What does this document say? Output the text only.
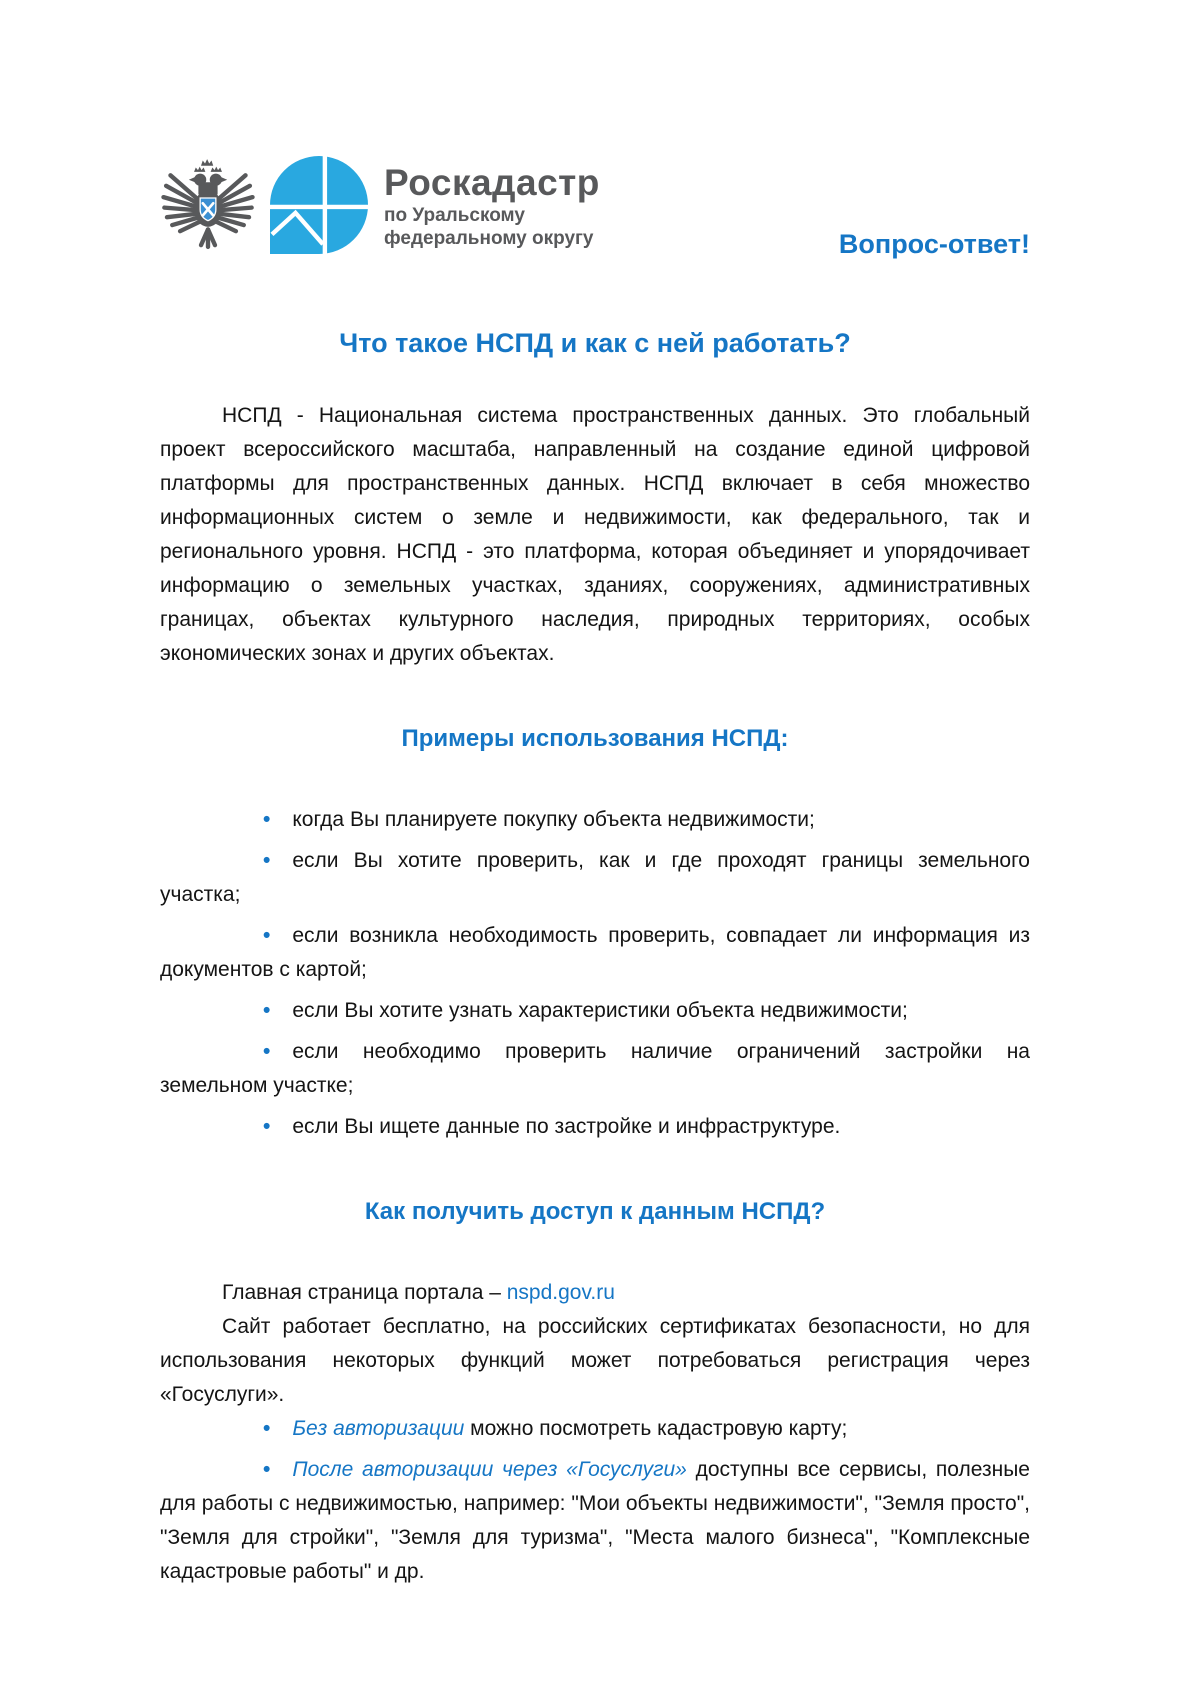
Роскадастр
по Уральскому
федеральному округу	Вопрос-ответ!
Что такое НСПД и как с ней работать?

НСПД - Национальная система пространственных данных. Это глобальный проект всероссийского масштаба, направленный на создание единой цифровой платформы для пространственных данных. НСПД включает в себя множество информационных систем о земле и недвижимости, как федерального, так и регионального уровня. НСПД - это платформа, которая объединяет и упорядочивает информацию о земельных участках, зданиях, сооружениях, административных границах, объектах культурного наследия, природных территориях, особых экономических зонах и других объектах.

Примеры использования НСПД:
• когда Вы планируете покупку объекта недвижимости;
• если Вы хотите проверить, как и где проходят границы земельного участка;
• если возникла необходимость проверить, совпадает ли информация из документов с картой;
• если Вы хотите узнать характеристики объекта недвижимости;
• если необходимо проверить наличие ограничений застройки на земельном участке;
• если Вы ищете данные по застройке и инфраструктуре.
Как получить доступ к данным НСПД?

Главная страница портала – nspd.gov.ru

Сайт работает бесплатно, на российских сертификатах безопасности, но для использования некоторых функций может потребоваться регистрация через «Госуслуги».

• Без авторизации можно посмотреть кадастровую карту;
• После авторизации через «Госуслуги» доступны все сервисы, полезные для работы с недвижимостью, например: "Мои объекты недвижимости", "Земля просто", "Земля для стройки", "Земля для туризма", "Места малого бизнеса", "Комплексные кадастровые работы" и др.
